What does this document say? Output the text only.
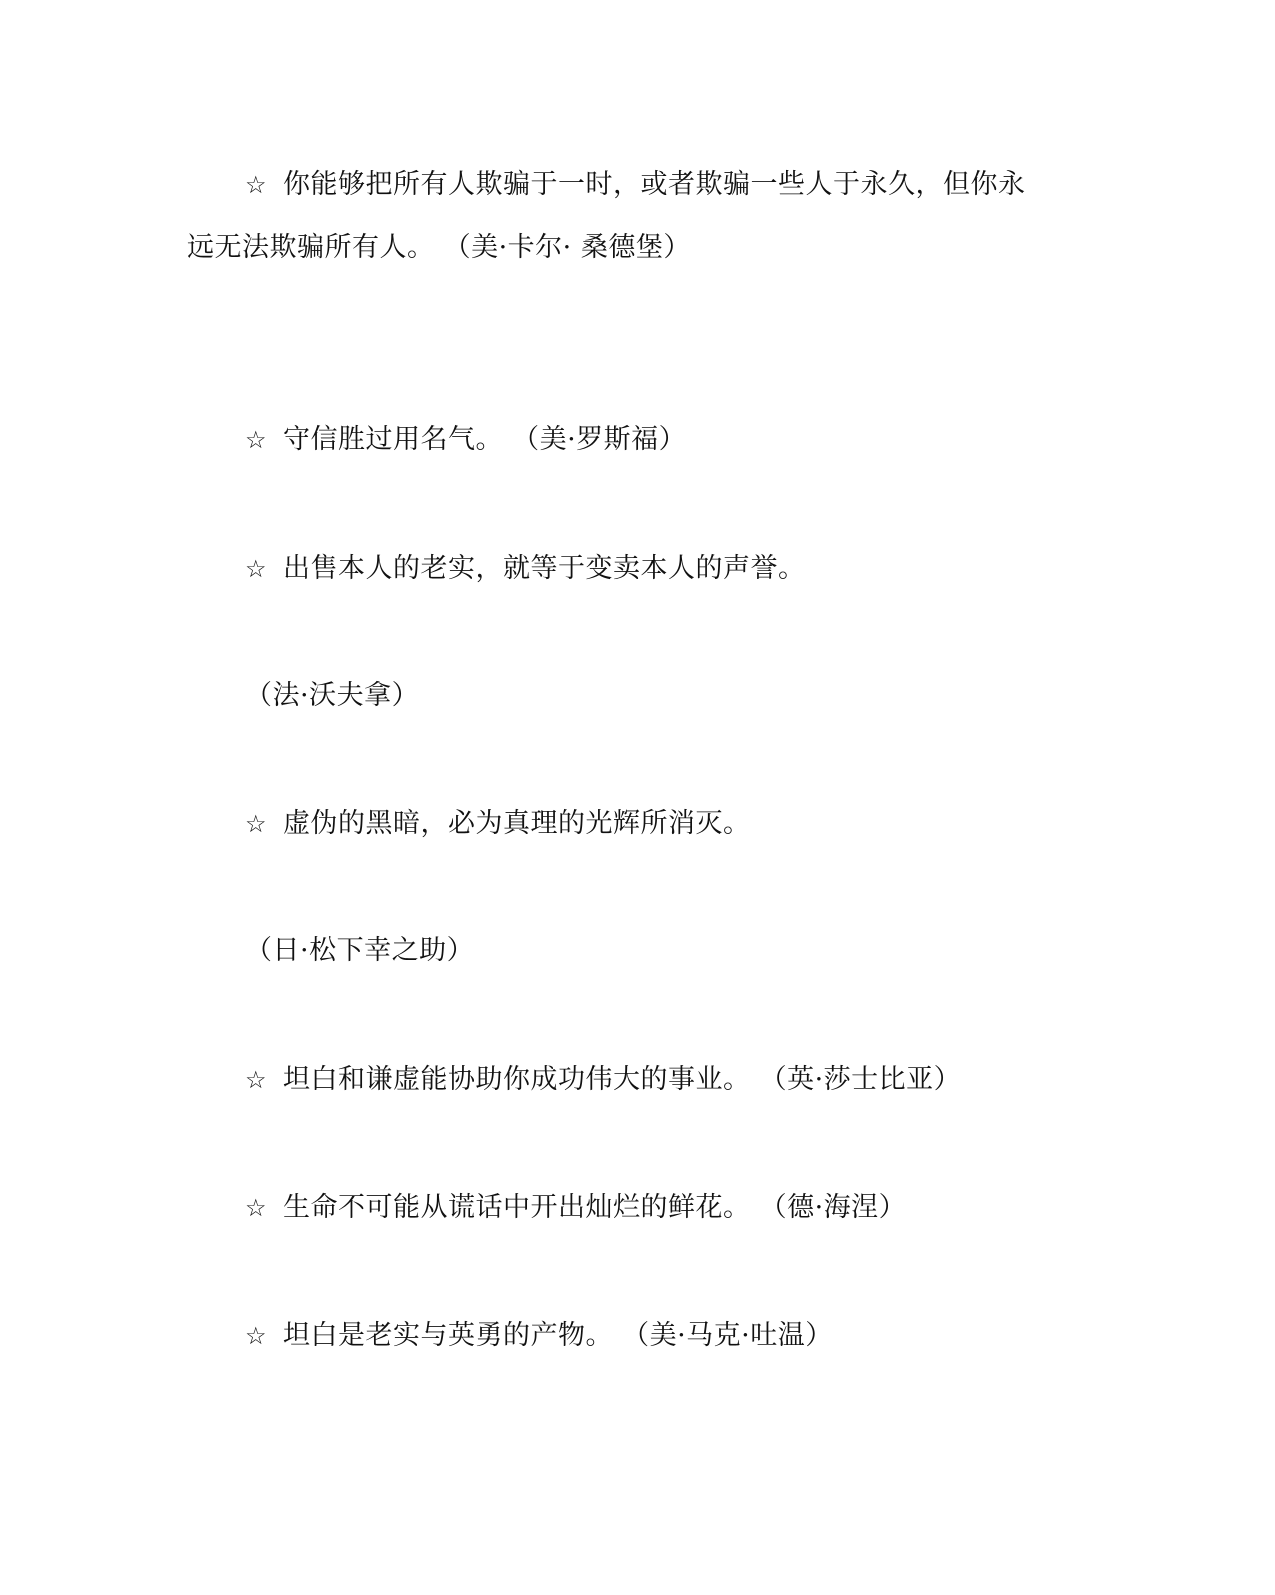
☆ 你能够把所有人欺骗于一时，或者欺骗一些人于永久，但你永
远无法欺骗所有人。 （美·卡尔· 桑德堡）
☆ 守信胜过用名气。 （美·罗斯福）
☆ 出售本人的老实，就等于变卖本人的声誉。
（法·沃夫拿）
☆ 虚伪的黑暗，必为真理的光辉所消灭。
（日·松下幸之助）
☆ 坦白和谦虚能协助你成功伟大的事业。 （英·莎士比亚）
☆ 生命不可能从谎话中开出灿烂的鲜花。 （德·海涅）
☆ 坦白是老实与英勇的产物。 （美·马克·吐温）
